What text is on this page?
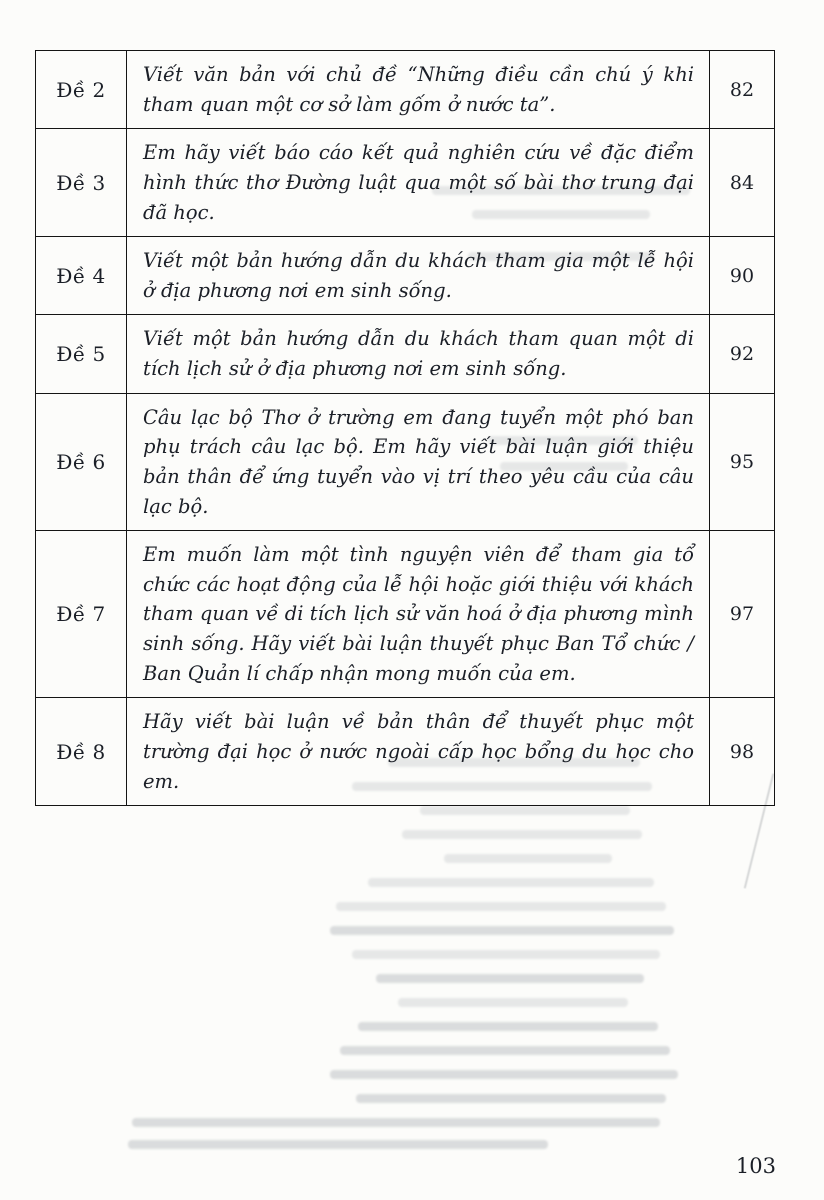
Đề 2	Viết văn bản với chủ đề “Những điều cần chú ý khi tham quan một cơ sở làm gốm ở nước ta”.	82
Đề 3	Em hãy viết báo cáo kết quả nghiên cứu về đặc điểm hình thức thơ Đường luật qua một số bài thơ trung đại đã học.	84
Đề 4	Viết một bản hướng dẫn du khách tham gia một lễ hội ở địa phương nơi em sinh sống.	90
Đề 5	Viết một bản hướng dẫn du khách tham quan một di tích lịch sử ở địa phương nơi em sinh sống.	92
Đề 6	Câu lạc bộ Thơ ở trường em đang tuyển một phó ban phụ trách câu lạc bộ. Em hãy viết bài luận giới thiệu bản thân để ứng tuyển vào vị trí theo yêu cầu của câu lạc bộ.	95
Đề 7	Em muốn làm một tình nguyện viên để tham gia tổ chức các hoạt động của lễ hội hoặc giới thiệu với khách tham quan về di tích lịch sử văn hoá ở địa phương mình sinh sống. Hãy viết bài luận thuyết phục Ban Tổ chức / Ban Quản lí chấp nhận mong muốn của em.	97
Đề 8	Hãy viết bài luận về bản thân để thuyết phục một trường đại học ở nước ngoài cấp học bổng du học cho em.	98
103
